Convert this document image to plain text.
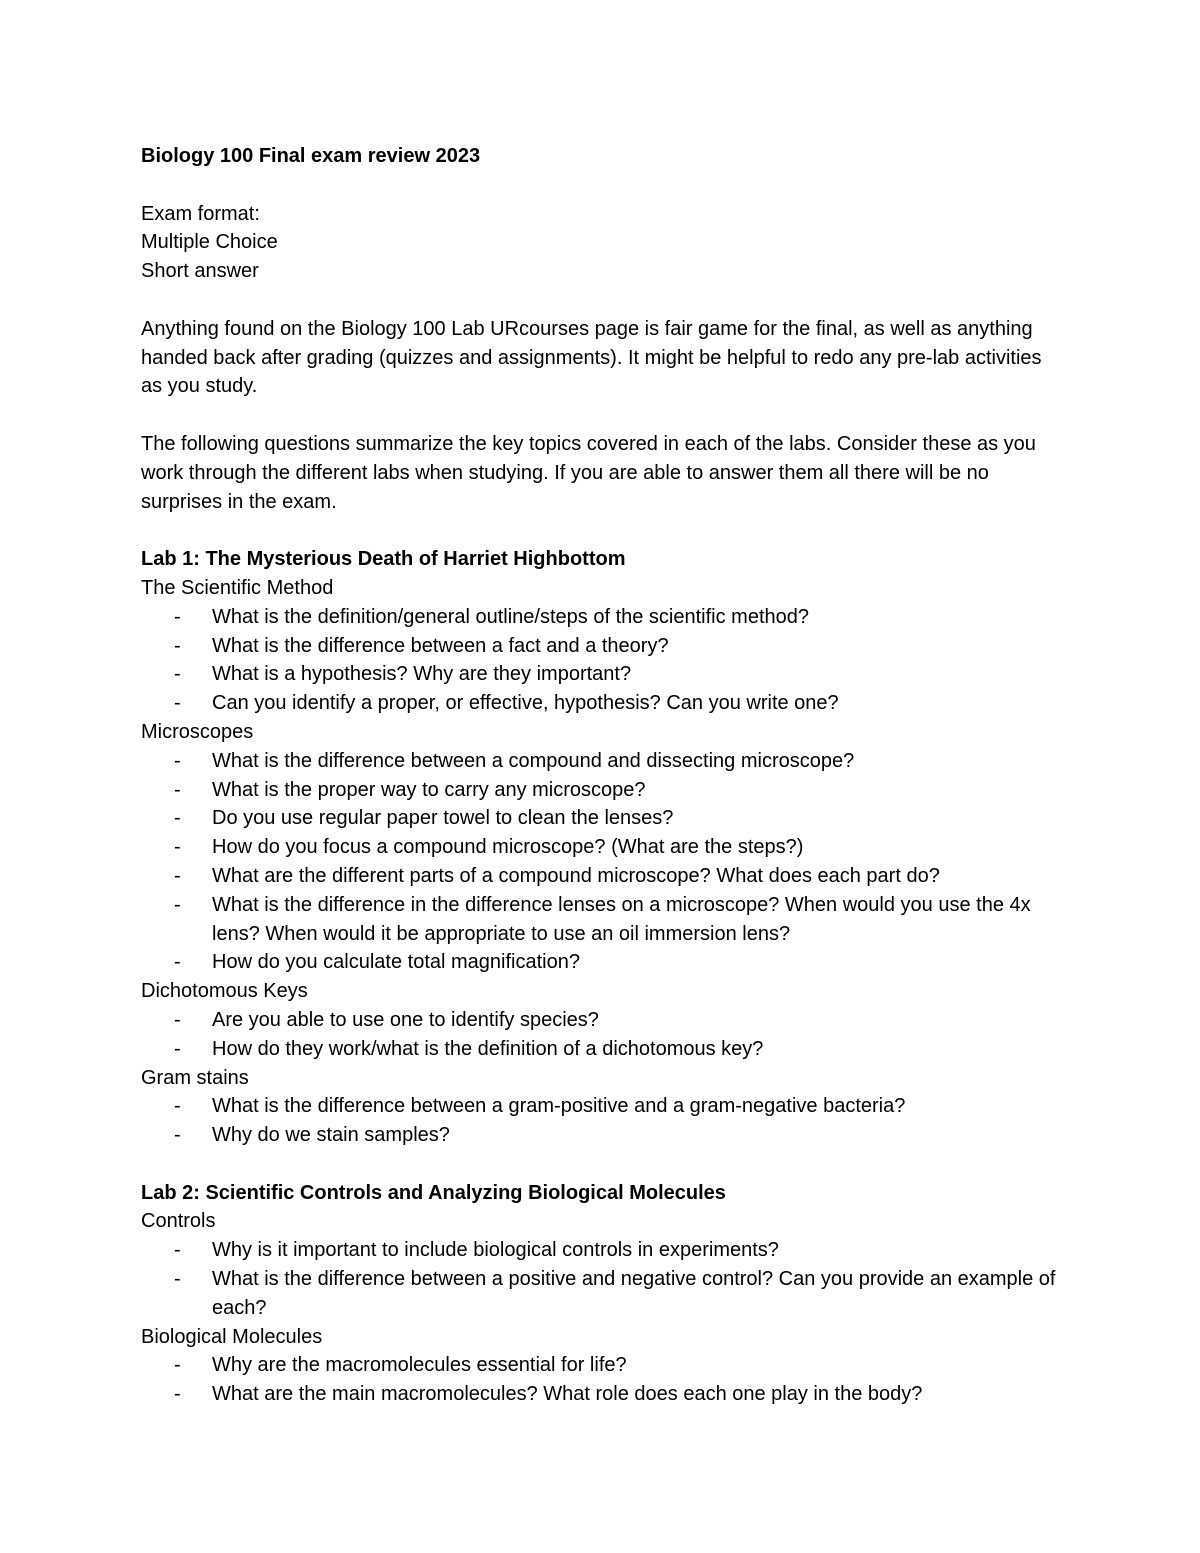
Biology 100 Final exam review 2023

Exam format:

Multiple Choice

Short answer

Anything found on the Biology 100 Lab URcourses page is fair game for the final, as well as anything handed back after grading (quizzes and assignments). It might be helpful to redo any pre-lab activities as you study.

The following questions summarize the key topics covered in each of the labs. Consider these as you work through the different labs when studying. If you are able to answer them all there will be no surprises in the exam.

Lab 1: The Mysterious Death of Harriet Highbottom

The Scientific Method

- What is the definition/general outline/steps of the scientific method?
- What is the difference between a fact and a theory?
- What is a hypothesis? Why are they important?
- Can you identify a proper, or effective, hypothesis? Can you write one?

Microscopes

- What is the difference between a compound and dissecting microscope?
- What is the proper way to carry any microscope?
- Do you use regular paper towel to clean the lenses?
- How do you focus a compound microscope? (What are the steps?)
- What are the different parts of a compound microscope? What does each part do?
- What is the difference in the difference lenses on a microscope? When would you use the 4x lens? When would it be appropriate to use an oil immersion lens?
- How do you calculate total magnification?

Dichotomous Keys

- Are you able to use one to identify species?
- How do they work/what is the definition of a dichotomous key?

Gram stains

- What is the difference between a gram-positive and a gram-negative bacteria?
- Why do we stain samples?

Lab 2: Scientific Controls and Analyzing Biological Molecules

Controls

- Why is it important to include biological controls in experiments?
- What is the difference between a positive and negative control? Can you provide an example of each?

Biological Molecules

- Why are the macromolecules essential for life?
- What are the main macromolecules? What role does each one play in the body?
